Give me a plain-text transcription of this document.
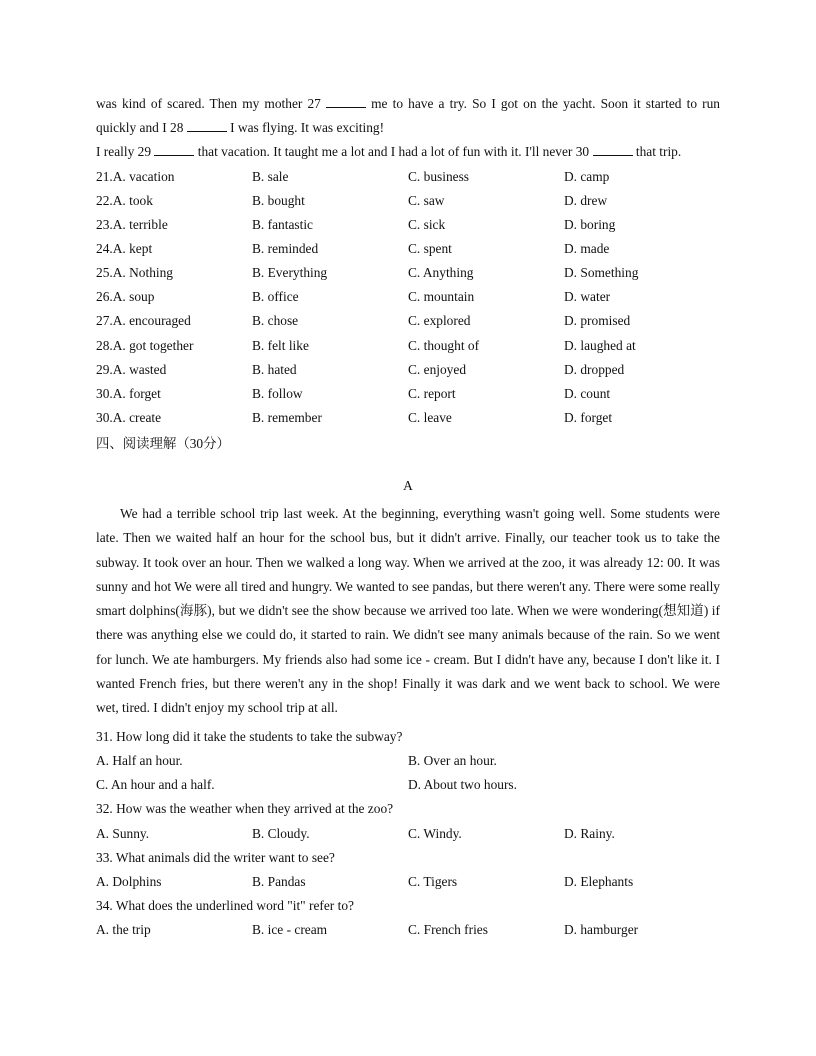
was kind of scared. Then my mother 27	me to have a try. So I got on the yacht. Soon it started to run

quickly and I 28	I was flying. It was exciting!

I really 29	that vacation. It taught me a lot and I had a lot of fun with it. I'll never 30	that trip.

21.A. vacation	B. sale	C. business	D. camp
22.A. took	B. bought	C. saw	D. drew
23.A. terrible	B. fantastic	C. sick	D. boring
24.A. kept	B. reminded	C. spent	D. made
25.A. Nothing	B. Everything	C. Anything	D. Something
26.A. soup	B. office	C. mountain	D. water
27.A. encouraged	B. chose	C. explored	D. promised
28.A. got together	B. felt like	C. thought of	D. laughed at
29.A. wasted	B. hated	C. enjoyed	D. dropped
30.A. forget	B. follow	C. report	D. count
30.A. create	B. remember	C. leave	D. forget
四、阅读理解（30分）
A

We had a terrible school trip last week. At the beginning, everything wasn't going well. Some students were late. Then we waited half an hour for the school bus, but it didn't arrive. Finally, our teacher took us to take the subway. It took over an hour. Then we walked a long way. When we arrived at the zoo, it was already 12: 00. It was sunny and hot We were all tired and hungry. We wanted to see pandas, but there weren't any. There were some really smart dolphins(海豚), but we didn't see the show because we arrived too late. When we were wondering(想知道) if there was anything else we could do, it started to rain. We didn't see many animals because of the rain. So we went for lunch. We ate hamburgers. My friends also had some ice - cream. But I didn't have any, because I don't like it. I wanted French fries, but there weren't any in the shop! Finally it was dark and we went back to school. We were wet, tired. I didn't enjoy my school trip at all.

31. How long did it take the students to take the subway?
A. Half an hour.	B. Over an hour.
C. An hour and a half.	D. About two hours.
32. How was the weather when they arrived at the zoo?
A. Sunny.	B. Cloudy.	C. Windy.	D. Rainy.
33. What animals did the writer want to see?
A. Dolphins	B. Pandas	C. Tigers	D. Elephants
34. What does the underlined word "it" refer to?
A. the trip	B. ice - cream	C. French fries	D. hamburger
